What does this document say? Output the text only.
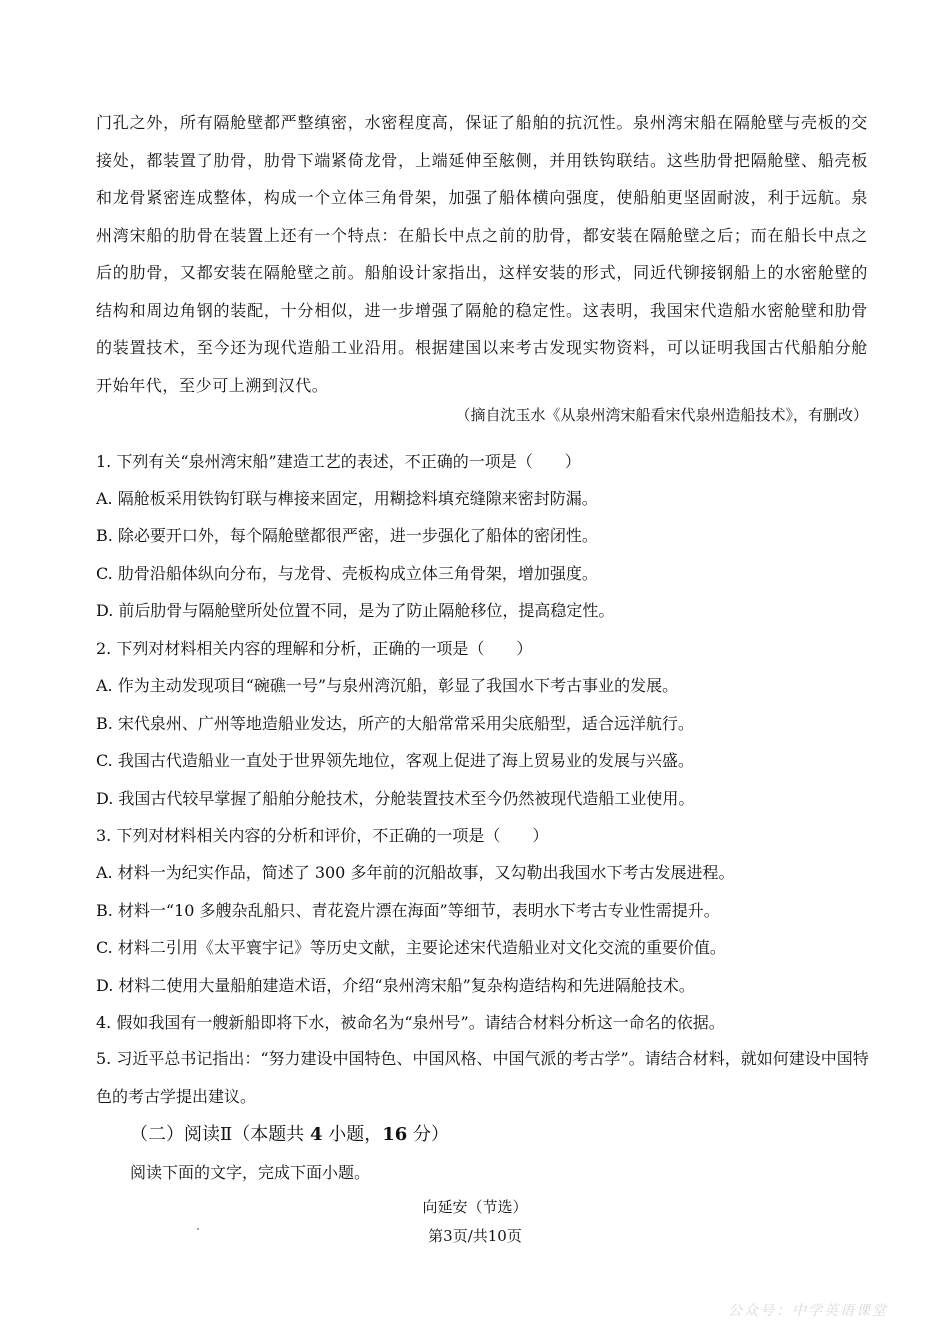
门孔之外，所有隔舱壁都严整缜密，水密程度高，保证了船舶的抗沉性。泉州湾宋船在隔舱壁与壳板的交接处，都装置了肋骨，肋骨下端紧倚龙骨，上端延伸至舷侧，并用铁钩联结。这些肋骨把隔舱壁、船壳板和龙骨紧密连成整体，构成一个立体三角骨架，加强了船体横向强度，使船舶更坚固耐波，利于远航。泉州湾宋船的肋骨在装置上还有一个特点：在船长中点之前的肋骨，都安装在隔舱壁之后；而在船长中点之后的肋骨，又都安装在隔舱壁之前。船舶设计家指出，这样安装的形式，同近代铆接钢船上的水密舱壁的结构和周边角钢的装配，十分相似，进一步增强了隔舱的稳定性。这表明，我国宋代造船水密舱壁和肋骨的装置技术，至今还为现代造船工业沿用。根据建国以来考古发现实物资料，可以证明我国古代船舶分舱开始年代，至少可上溯到汉代。

（摘自沈玉水《从泉州湾宋船看宋代泉州造船技术》，有删改）

1. 下列有关“泉州湾宋船”建造工艺的表述，不正确的一项是（　　）

A. 隔舱板采用铁钩钉联与榫接来固定，用糊捻料填充缝隙来密封防漏。

B. 除必要开口外，每个隔舱壁都很严密，进一步强化了船体的密闭性。

C. 肋骨沿船体纵向分布，与龙骨、壳板构成立体三角骨架，增加强度。

D. 前后肋骨与隔舱壁所处位置不同，是为了防止隔舱移位，提高稳定性。

2. 下列对材料相关内容的理解和分析，正确的一项是（　　）

A. 作为主动发现项目“碗礁一号”与泉州湾沉船，彰显了我国水下考古事业的发展。

B. 宋代泉州、广州等地造船业发达，所产的大船常常采用尖底船型，适合远洋航行。

C. 我国古代造船业一直处于世界领先地位，客观上促进了海上贸易业的发展与兴盛。

D. 我国古代较早掌握了船舶分舱技术，分舱装置技术至今仍然被现代造船工业使用。

3. 下列对材料相关内容的分析和评价，不正确的一项是（　　）

A. 材料一为纪实作品，简述了 300 多年前的沉船故事，又勾勒出我国水下考古发展进程。

B. 材料一“10 多艘杂乱船只、青花瓷片漂在海面”等细节，表明水下考古专业性需提升。

C. 材料二引用《太平寰宇记》等历史文献，主要论述宋代造船业对文化交流的重要价值。

D. 材料二使用大量船舶建造术语，介绍“泉州湾宋船”复杂构造结构和先进隔舱技术。

4. 假如我国有一艘新船即将下水，被命名为“泉州号”。请结合材料分析这一命名的依据。

5. 习近平总书记指出：“努力建设中国特色、中国风格、中国气派的考古学”。请结合材料，就如何建设中国特色的考古学提出建议。

（二）阅读Ⅱ（本题共 4 小题，16 分）

阅读下面的文字，完成下面小题。

向延安（节选）

第3页/共10页

公众号：中学英语课堂
